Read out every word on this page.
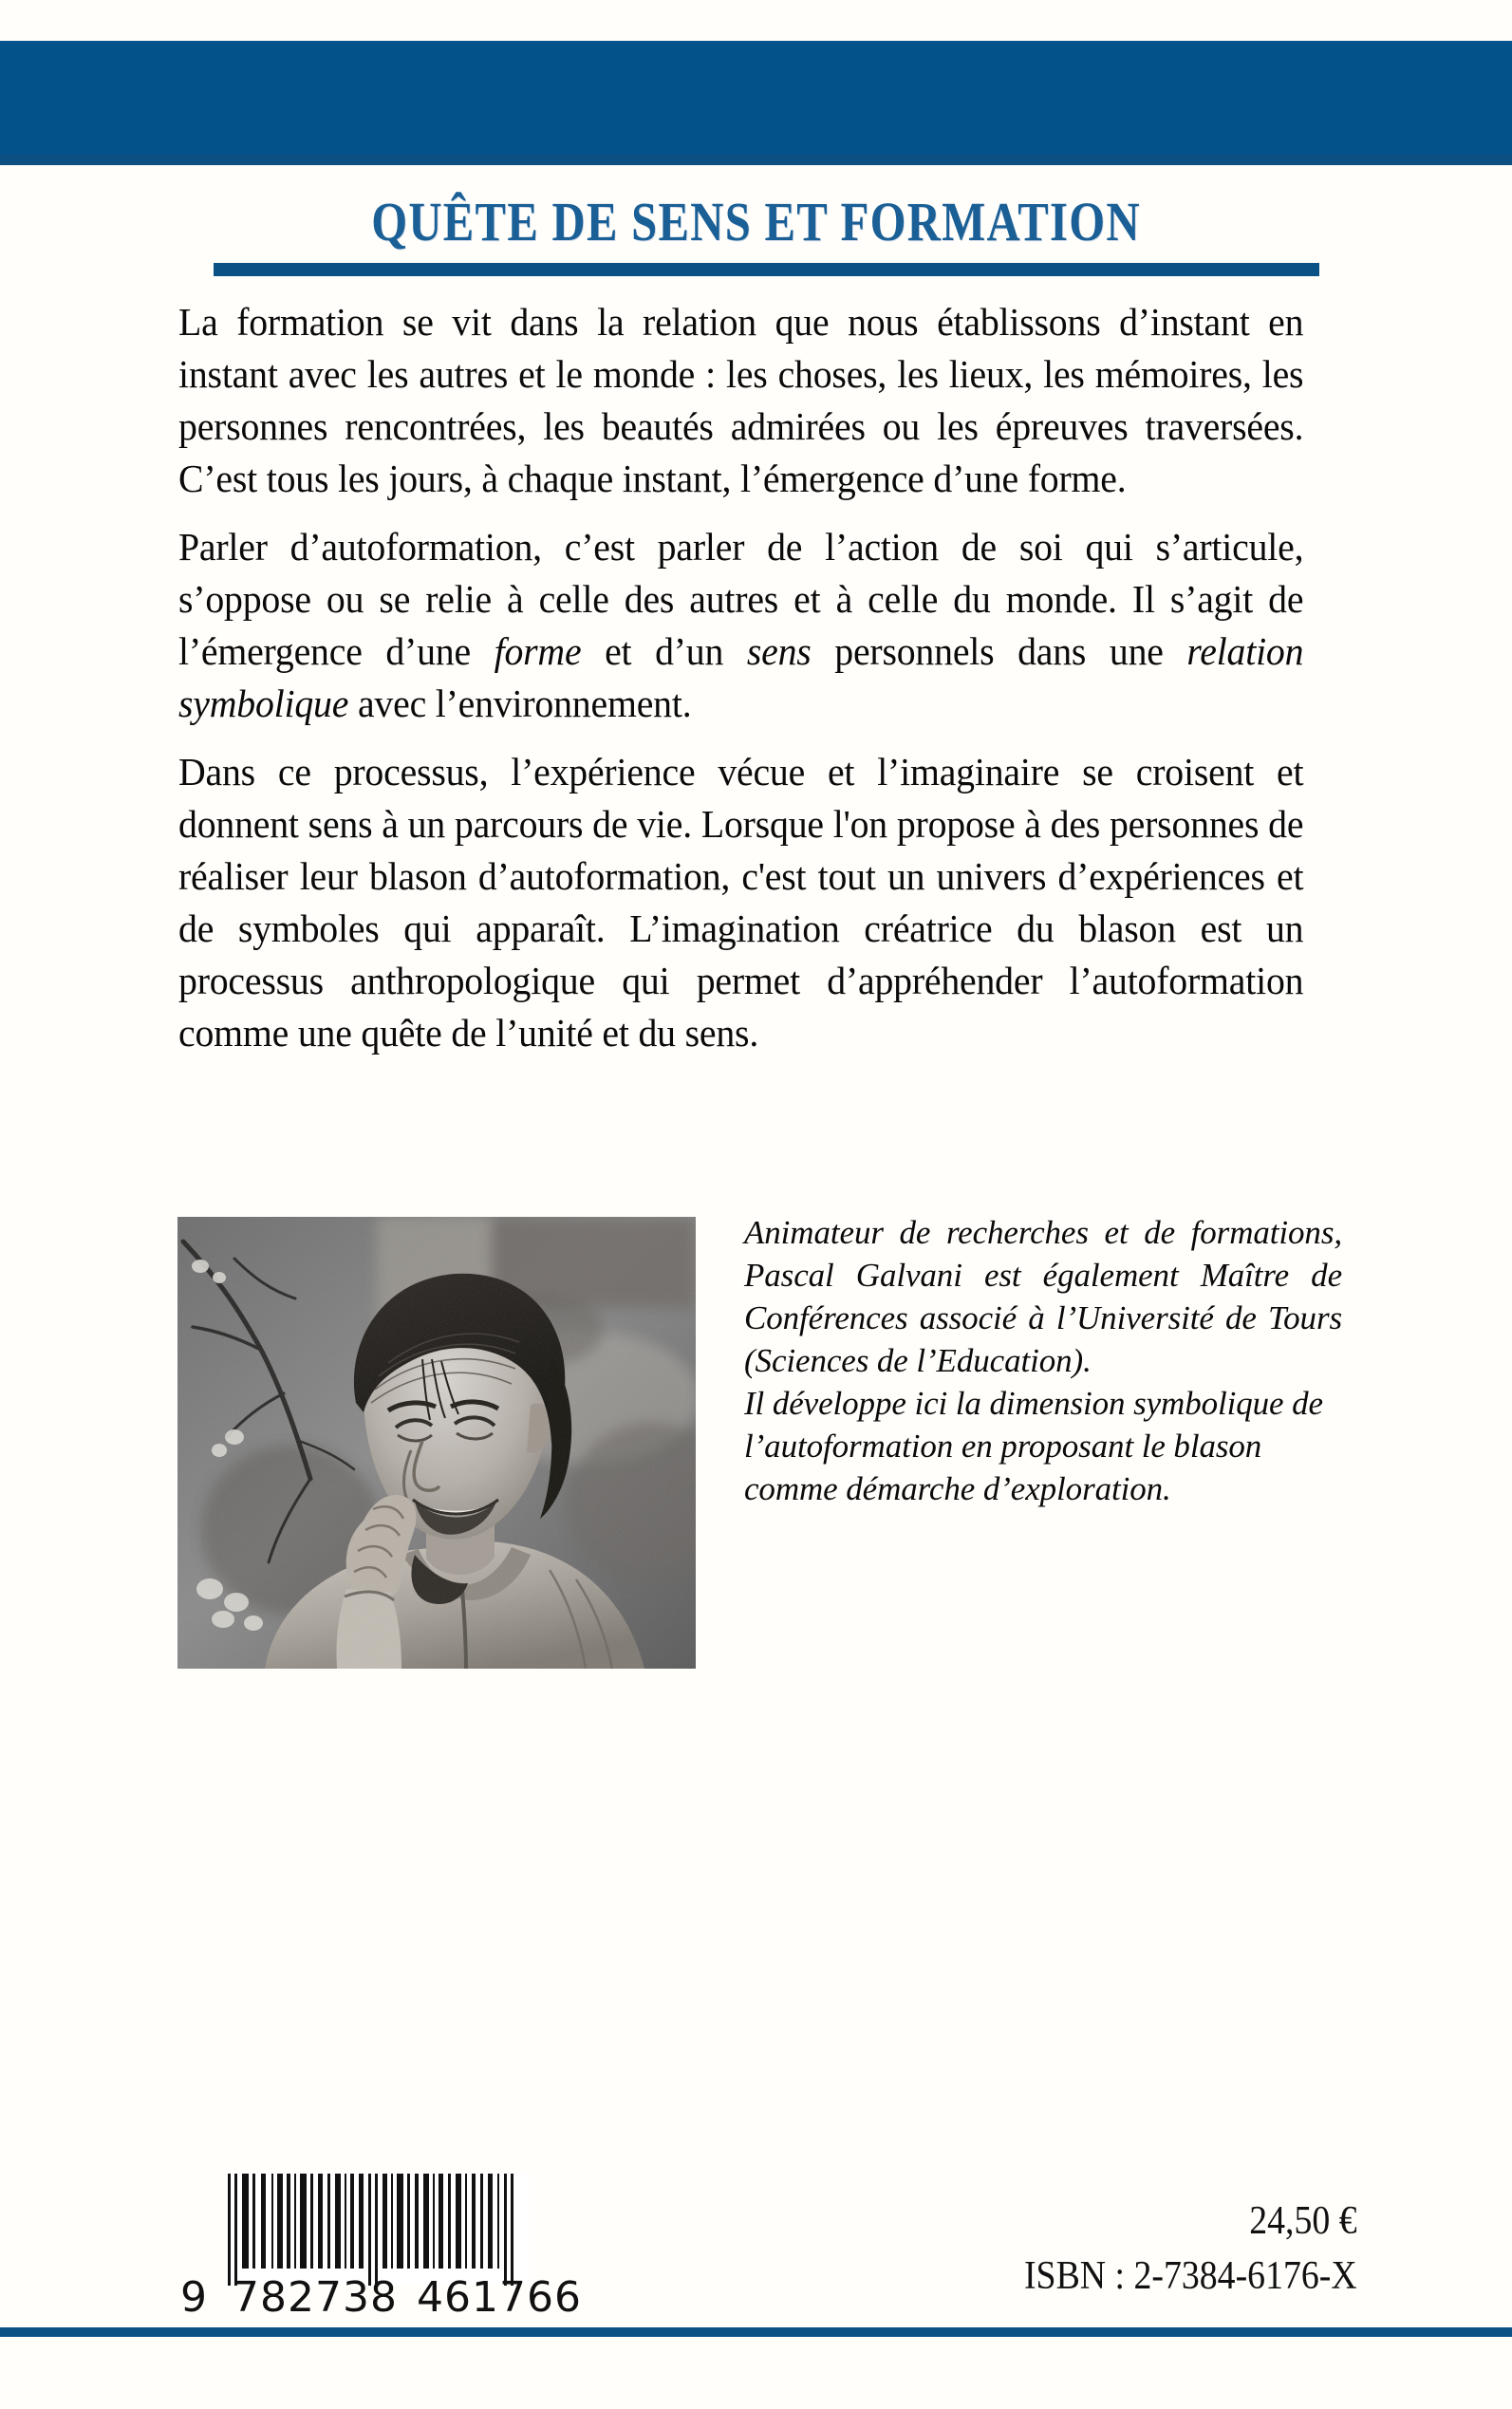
QUÊTE DE SENS ET FORMATION

La formation se vit dans la relation que nous établissons d’instant en instant avec les autres et le monde : les choses, les lieux, les mémoires, les personnes rencontrées, les beautés admirées ou les épreuves traversées. C’est tous les jours, à chaque instant, l’émergence d’une forme.

Parler d’autoformation, c’est parler de l’action de soi qui s’articule, s’oppose ou se relie à celle des autres et à celle du monde. Il s’agit de l’émergence d’une forme et d’un sens personnels dans une relation symbolique avec l’environnement.

Dans ce processus, l’expérience vécue et l’imaginaire se croisent et donnent sens à un parcours de vie. Lorsque l'on propose à des personnes de réaliser leur blason d’autoformation, c'est tout un univers d’expériences et de symboles qui apparaît. L’imagination créatrice du blason est un processus anthropologique qui permet d’appréhender l’autoformation comme une quête de l’unité et du sens.

Animateur de recherches et de formations, Pascal Galvani est également Maître de Conférences associé à l’Université de Tours (Sciences de l’Education).

Il développe ici la dimension symbolique de l’autoformation en proposant le blason comme démarche d’exploration.

9 782738 461766
24,50 €
ISBN : 2-7384-6176-X
